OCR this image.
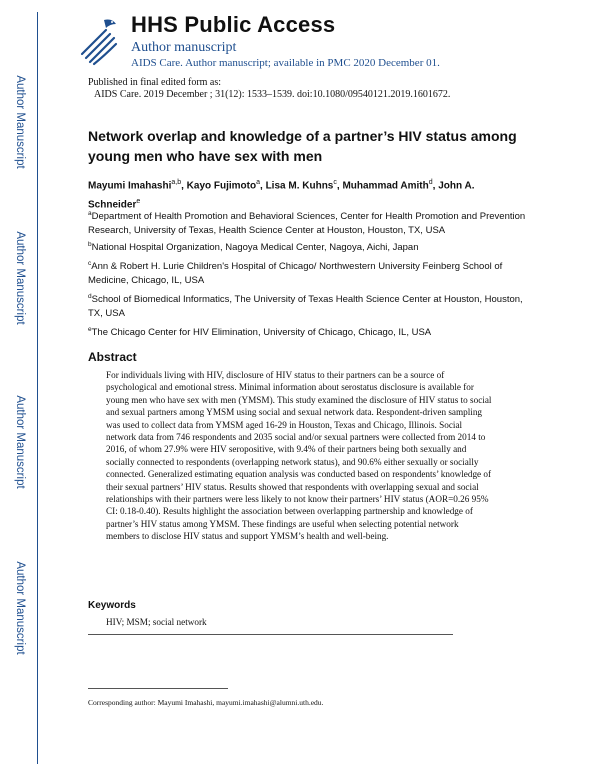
Author Manuscript
Author Manuscript
Author Manuscript
Author Manuscript
HHS Public Access
Author manuscript
AIDS Care. Author manuscript; available in PMC 2020 December 01.
Published in final edited form as:
AIDS Care. 2019 December ; 31(12): 1533–1539. doi:10.1080/09540121.2019.1601672.
Network overlap and knowledge of a partner’s HIV status among young men who have sex with men
Mayumi Imahashi$^{a,b}$, Kayo Fujimoto$^a$, Lisa M. Kuhns$^c$, Muhammad Amith$^d$, John A. Schneider$^e$
$^a$Department of Health Promotion and Behavioral Sciences, Center for Health Promotion and Prevention Research, University of Texas, Health Science Center at Houston, Houston, TX, USA
$^b$National Hospital Organization, Nagoya Medical Center, Nagoya, Aichi, Japan
$^c$Ann & Robert H. Lurie Children's Hospital of Chicago/ Northwestern University Feinberg School of Medicine, Chicago, IL, USA
$^d$School of Biomedical Informatics, The University of Texas Health Science Center at Houston, Houston, TX, USA
$^e$The Chicago Center for HIV Elimination, University of Chicago, Chicago, IL, USA
Abstract
For individuals living with HIV, disclosure of HIV status to their partners can be a source of psychological and emotional stress. Minimal information about serostatus disclosure is available for young men who have sex with men (YMSM). This study examined the disclosure of HIV status to social and sexual partners among YMSM using social and sexual network data. Respondent-driven sampling was used to collect data from YMSM aged 16-29 in Houston, Texas and Chicago, Illinois. Social network data from 746 respondents and 2035 social and/or sexual partners were collected from 2014 to 2016, of whom 27.9% were HIV seropositive, with 9.4% of their partners being both sexually and socially connected to respondents (overlapping network status), and 90.6% either sexually or socially connected. Generalized estimating equation analysis was conducted based on respondents’ knowledge of their sexual partners’ HIV status. Results showed that respondents with overlapping sexual and social relationships with their partners were less likely to not know their partners’ HIV status (AOR=0.26 95% CI: 0.18-0.40). Results highlight the association between overlapping partnership and knowledge of partner’s HIV status among YMSM. These findings are useful when selecting potential network members to disclose HIV status and support YMSM’s health and well-being.
Keywords
HIV; MSM; social network
Corresponding author: Mayumi Imahashi, mayumi.imahashi@alumni.uth.edu.
